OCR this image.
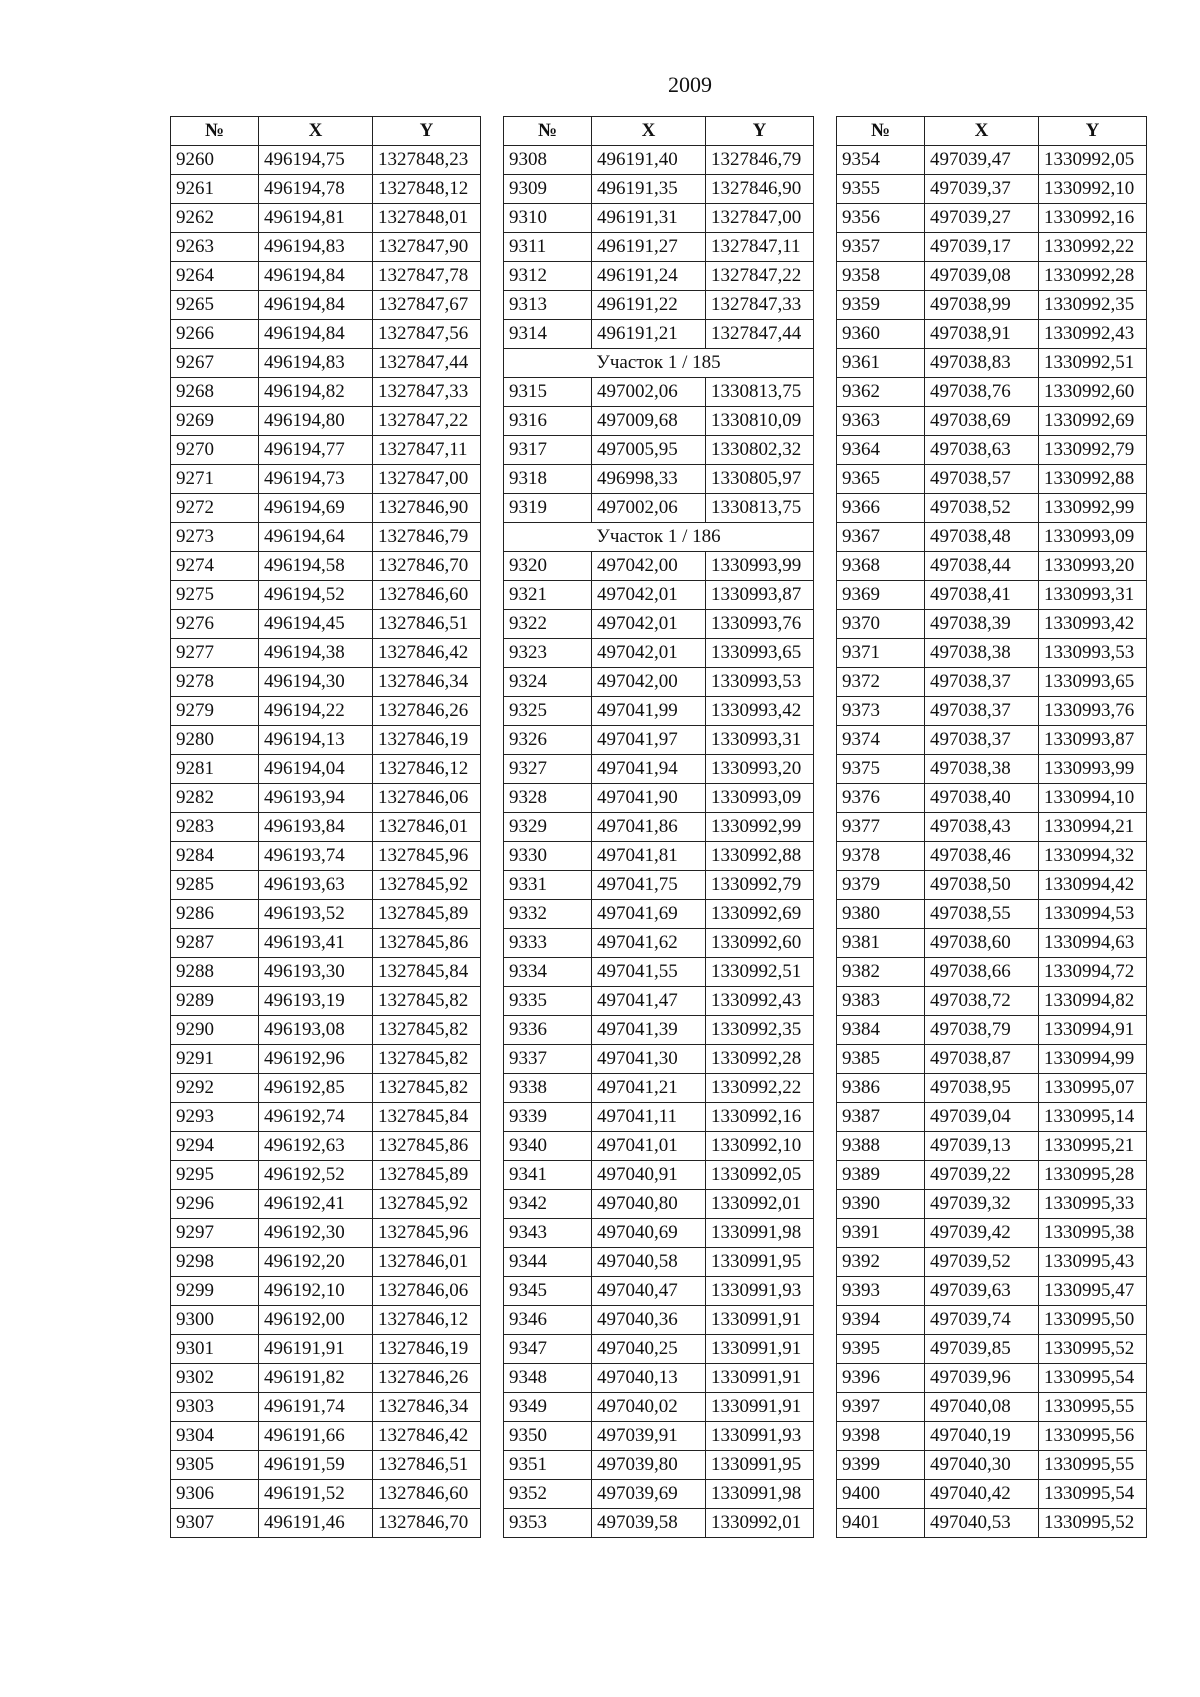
2009
№	X	Y
9260	496194,75	1327848,23
9261	496194,78	1327848,12
9262	496194,81	1327848,01
9263	496194,83	1327847,90
9264	496194,84	1327847,78
9265	496194,84	1327847,67
9266	496194,84	1327847,56
9267	496194,83	1327847,44
9268	496194,82	1327847,33
9269	496194,80	1327847,22
9270	496194,77	1327847,11
9271	496194,73	1327847,00
9272	496194,69	1327846,90
9273	496194,64	1327846,79
9274	496194,58	1327846,70
9275	496194,52	1327846,60
9276	496194,45	1327846,51
9277	496194,38	1327846,42
9278	496194,30	1327846,34
9279	496194,22	1327846,26
9280	496194,13	1327846,19
9281	496194,04	1327846,12
9282	496193,94	1327846,06
9283	496193,84	1327846,01
9284	496193,74	1327845,96
9285	496193,63	1327845,92
9286	496193,52	1327845,89
9287	496193,41	1327845,86
9288	496193,30	1327845,84
9289	496193,19	1327845,82
9290	496193,08	1327845,82
9291	496192,96	1327845,82
9292	496192,85	1327845,82
9293	496192,74	1327845,84
9294	496192,63	1327845,86
9295	496192,52	1327845,89
9296	496192,41	1327845,92
9297	496192,30	1327845,96
9298	496192,20	1327846,01
9299	496192,10	1327846,06
9300	496192,00	1327846,12
9301	496191,91	1327846,19
9302	496191,82	1327846,26
9303	496191,74	1327846,34
9304	496191,66	1327846,42
9305	496191,59	1327846,51
9306	496191,52	1327846,60
9307	496191,46	1327846,70
№	X	Y
9308	496191,40	1327846,79
9309	496191,35	1327846,90
9310	496191,31	1327847,00
9311	496191,27	1327847,11
9312	496191,24	1327847,22
9313	496191,22	1327847,33
9314	496191,21	1327847,44
Участок 1 / 185		
9315	497002,06	1330813,75
9316	497009,68	1330810,09
9317	497005,95	1330802,32
9318	496998,33	1330805,97
9319	497002,06	1330813,75
Участок 1 / 186		
9320	497042,00	1330993,99
9321	497042,01	1330993,87
9322	497042,01	1330993,76
9323	497042,01	1330993,65
9324	497042,00	1330993,53
9325	497041,99	1330993,42
9326	497041,97	1330993,31
9327	497041,94	1330993,20
9328	497041,90	1330993,09
9329	497041,86	1330992,99
9330	497041,81	1330992,88
9331	497041,75	1330992,79
9332	497041,69	1330992,69
9333	497041,62	1330992,60
9334	497041,55	1330992,51
9335	497041,47	1330992,43
9336	497041,39	1330992,35
9337	497041,30	1330992,28
9338	497041,21	1330992,22
9339	497041,11	1330992,16
9340	497041,01	1330992,10
9341	497040,91	1330992,05
9342	497040,80	1330992,01
9343	497040,69	1330991,98
9344	497040,58	1330991,95
9345	497040,47	1330991,93
9346	497040,36	1330991,91
9347	497040,25	1330991,91
9348	497040,13	1330991,91
9349	497040,02	1330991,91
9350	497039,91	1330991,93
9351	497039,80	1330991,95
9352	497039,69	1330991,98
9353	497039,58	1330992,01
№	X	Y
9354	497039,47	1330992,05
9355	497039,37	1330992,10
9356	497039,27	1330992,16
9357	497039,17	1330992,22
9358	497039,08	1330992,28
9359	497038,99	1330992,35
9360	497038,91	1330992,43
9361	497038,83	1330992,51
9362	497038,76	1330992,60
9363	497038,69	1330992,69
9364	497038,63	1330992,79
9365	497038,57	1330992,88
9366	497038,52	1330992,99
9367	497038,48	1330993,09
9368	497038,44	1330993,20
9369	497038,41	1330993,31
9370	497038,39	1330993,42
9371	497038,38	1330993,53
9372	497038,37	1330993,65
9373	497038,37	1330993,76
9374	497038,37	1330993,87
9375	497038,38	1330993,99
9376	497038,40	1330994,10
9377	497038,43	1330994,21
9378	497038,46	1330994,32
9379	497038,50	1330994,42
9380	497038,55	1330994,53
9381	497038,60	1330994,63
9382	497038,66	1330994,72
9383	497038,72	1330994,82
9384	497038,79	1330994,91
9385	497038,87	1330994,99
9386	497038,95	1330995,07
9387	497039,04	1330995,14
9388	497039,13	1330995,21
9389	497039,22	1330995,28
9390	497039,32	1330995,33
9391	497039,42	1330995,38
9392	497039,52	1330995,43
9393	497039,63	1330995,47
9394	497039,74	1330995,50
9395	497039,85	1330995,52
9396	497039,96	1330995,54
9397	497040,08	1330995,55
9398	497040,19	1330995,56
9399	497040,30	1330995,55
9400	497040,42	1330995,54
9401	497040,53	1330995,52
